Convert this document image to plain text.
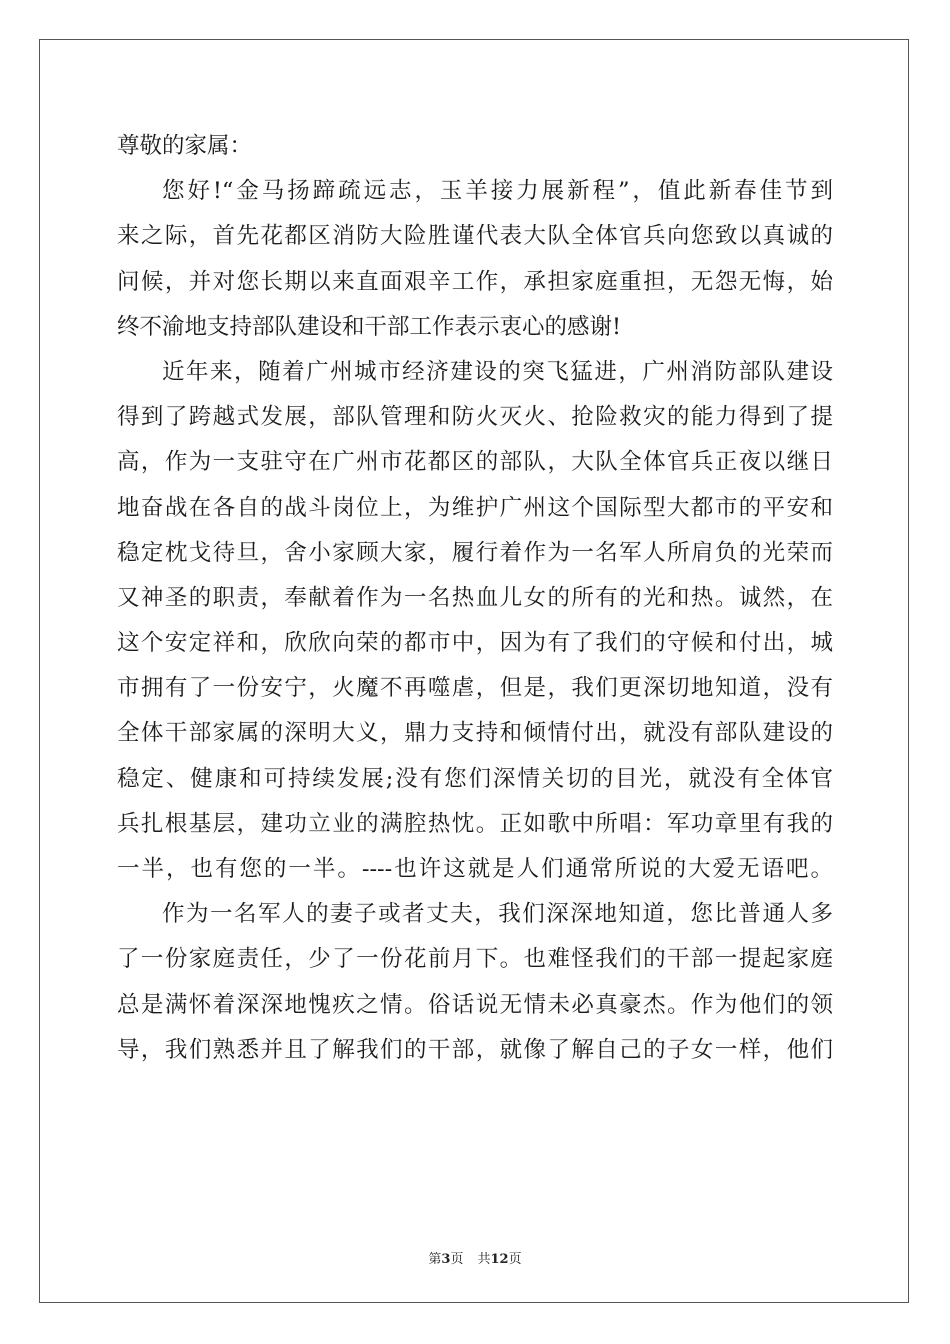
尊敬的家属：
您好!“金马扬蹄疏远志，玉羊接力展新程”，值此新春佳节到
来之际，首先花都区消防大险胜谨代表大队全体官兵向您致以真诚的
问候，并对您长期以来直面艰辛工作，承担家庭重担，无怨无悔，始
终不渝地支持部队建设和干部工作表示衷心的感谢!
近年来，随着广州城市经济建设的突飞猛进，广州消防部队建设
得到了跨越式发展，部队管理和防火灭火、抢险救灾的能力得到了提
高，作为一支驻守在广州市花都区的部队，大队全体官兵正夜以继日
地奋战在各自的战斗岗位上，为维护广州这个国际型大都市的平安和
稳定枕戈待旦，舍小家顾大家，履行着作为一名军人所肩负的光荣而
又神圣的职责，奉献着作为一名热血儿女的所有的光和热。诚然，在
这个安定祥和，欣欣向荣的都市中，因为有了我们的守候和付出，城
市拥有了一份安宁，火魔不再噬虐，但是，我们更深切地知道，没有
全体干部家属的深明大义，鼎力支持和倾情付出，就没有部队建设的
稳定、健康和可持续发展;没有您们深情关切的目光，就没有全体官
兵扎根基层，建功立业的满腔热忱。正如歌中所唱：军功章里有我的
一半，也有您的一半。----也许这就是人们通常所说的大爱无语吧。
作为一名军人的妻子或者丈夫，我们深深地知道，您比普通人多
了一份家庭责任，少了一份花前月下。也难怪我们的干部一提起家庭
总是满怀着深深地愧疚之情。俗话说无情未必真豪杰。作为他们的领
导，我们熟悉并且了解我们的干部，就像了解自己的子女一样，他们
第3页 共12页
